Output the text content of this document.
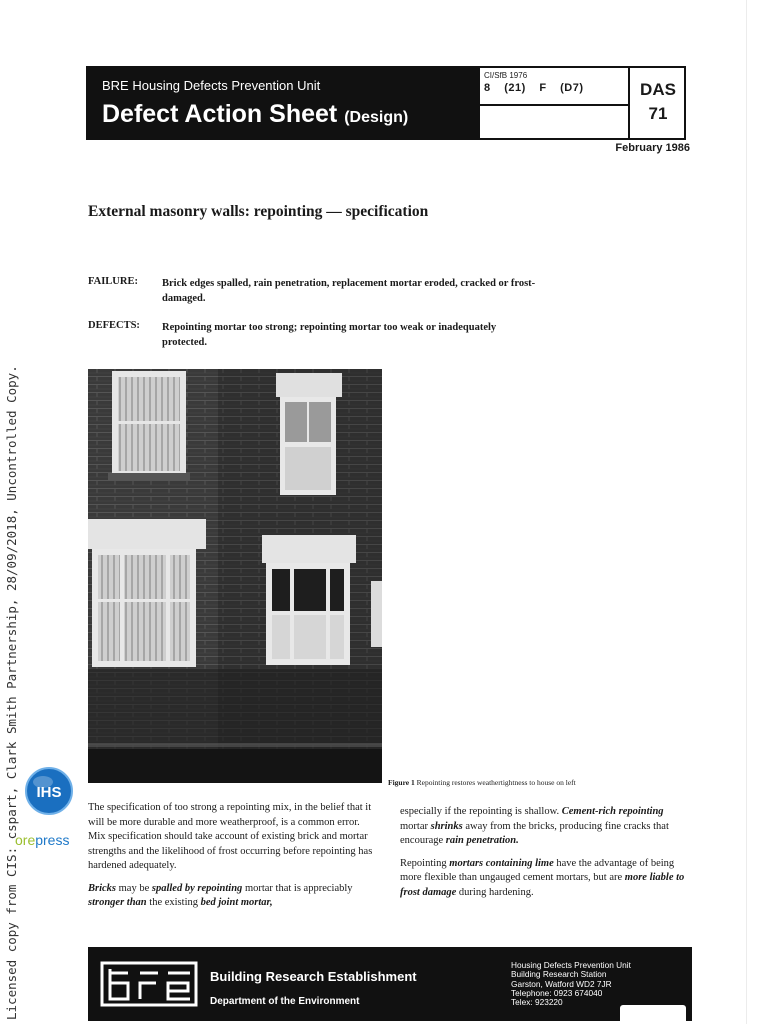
BRE Housing Defects Prevention Unit
Defect Action Sheet (Design)
CI/SfB 1976
8 (21) F (D7)	DAS
71
February 1986
External masonry walls: repointing — specification
FAILURE: Brick edges spalled, rain penetration, replacement mortar eroded, cracked or frost-damaged.
DEFECTS: Repointing mortar too strong; repointing mortar too weak or inadequately protected.
Figure 1 Repointing restores weathertightness to house on left

The specification of too strong a repointing mix, in the belief that it will be more durable and more weatherproof, is a common error. Mix specification should take account of existing brick and mortar strengths and the likelihood of frost occurring before repointing has hardened adequately.

Bricks may be spalled by repointing mortar that is appreciably stronger than the existing bed joint mortar,

especially if the repointing is shallow. Cement-rich repointing mortar shrinks away from the bricks, producing fine cracks that encourage rain penetration.

Repointing mortars containing lime have the advantage of being more flexible than ungauged cement mortars, but are more liable to frost damage during hardening.

Building Research Establishment
Department of the Environment
Housing Defects Prevention Unit
Building Research Station
Garston, Watford WD2 7JR
Telephone: 0923 674040
Telex: 923220
Licensed copy from CIS: cspart, Clark Smith Partnership, 28/09/2018, Uncontrolled Copy. IHS
orepress
